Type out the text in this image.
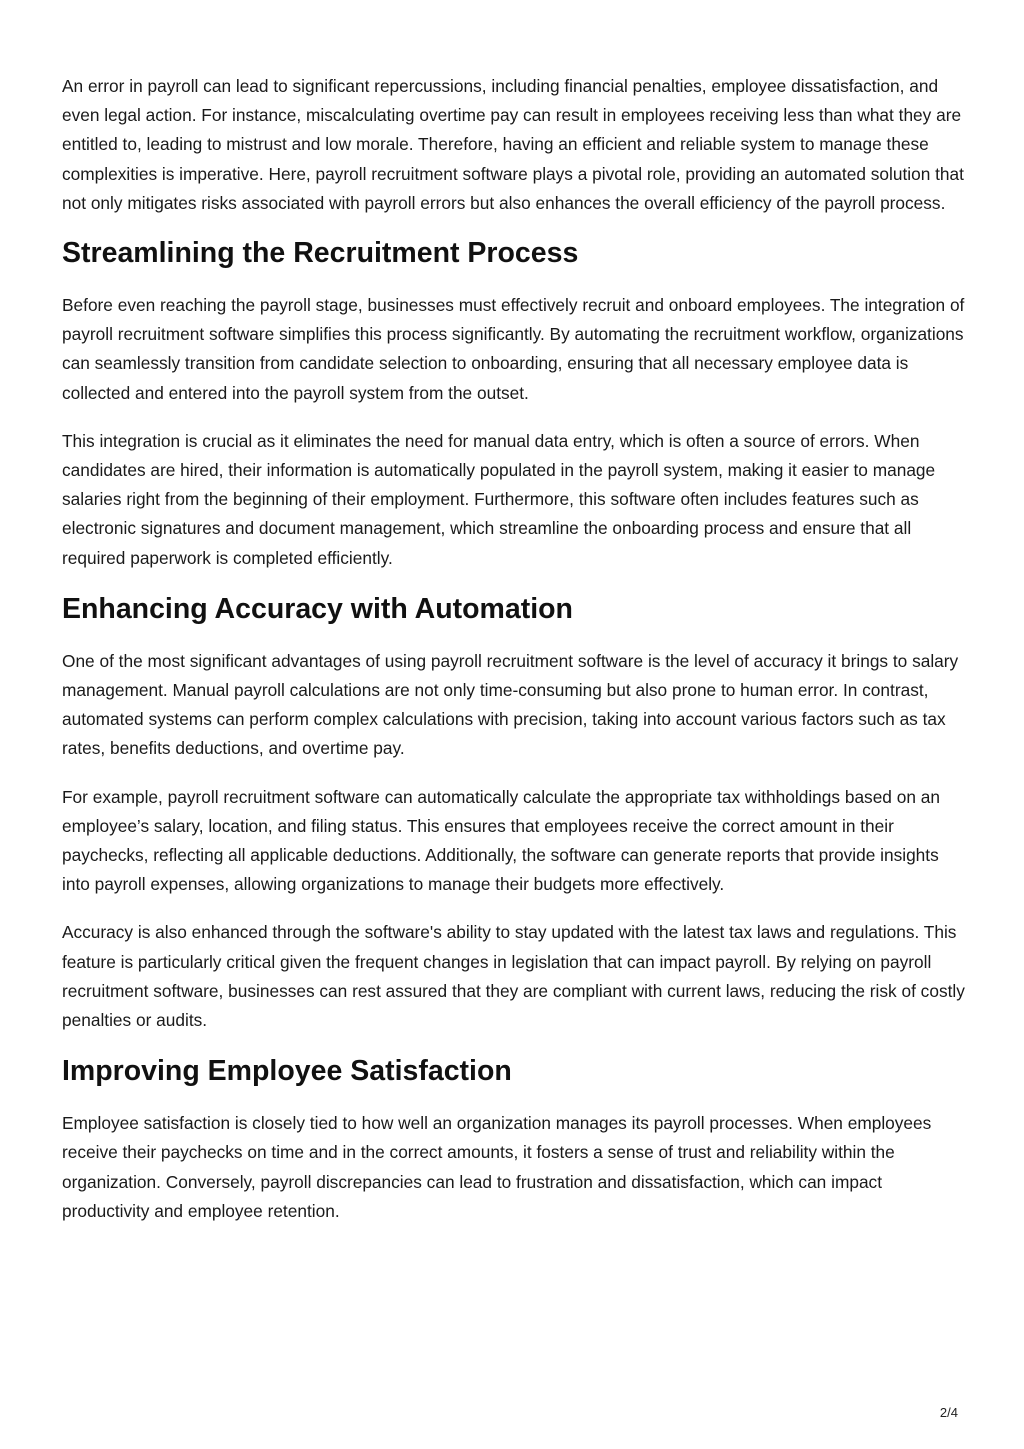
An error in payroll can lead to significant repercussions, including financial penalties, employee dissatisfaction, and even legal action. For instance, miscalculating overtime pay can result in employees receiving less than what they are entitled to, leading to mistrust and low morale. Therefore, having an efficient and reliable system to manage these complexities is imperative. Here, payroll recruitment software plays a pivotal role, providing an automated solution that not only mitigates risks associated with payroll errors but also enhances the overall efficiency of the payroll process.

Streamlining the Recruitment Process

Before even reaching the payroll stage, businesses must effectively recruit and onboard employees. The integration of payroll recruitment software simplifies this process significantly. By automating the recruitment workflow, organizations can seamlessly transition from candidate selection to onboarding, ensuring that all necessary employee data is collected and entered into the payroll system from the outset.

This integration is crucial as it eliminates the need for manual data entry, which is often a source of errors. When candidates are hired, their information is automatically populated in the payroll system, making it easier to manage salaries right from the beginning of their employment. Furthermore, this software often includes features such as electronic signatures and document management, which streamline the onboarding process and ensure that all required paperwork is completed efficiently.

Enhancing Accuracy with Automation

One of the most significant advantages of using payroll recruitment software is the level of accuracy it brings to salary management. Manual payroll calculations are not only time-consuming but also prone to human error. In contrast, automated systems can perform complex calculations with precision, taking into account various factors such as tax rates, benefits deductions, and overtime pay.

For example, payroll recruitment software can automatically calculate the appropriate tax withholdings based on an employee’s salary, location, and filing status. This ensures that employees receive the correct amount in their paychecks, reflecting all applicable deductions. Additionally, the software can generate reports that provide insights into payroll expenses, allowing organizations to manage their budgets more effectively.

Accuracy is also enhanced through the software's ability to stay updated with the latest tax laws and regulations. This feature is particularly critical given the frequent changes in legislation that can impact payroll. By relying on payroll recruitment software, businesses can rest assured that they are compliant with current laws, reducing the risk of costly penalties or audits.

Improving Employee Satisfaction

Employee satisfaction is closely tied to how well an organization manages its payroll processes. When employees receive their paychecks on time and in the correct amounts, it fosters a sense of trust and reliability within the organization. Conversely, payroll discrepancies can lead to frustration and dissatisfaction, which can impact productivity and employee retention.

2/4
